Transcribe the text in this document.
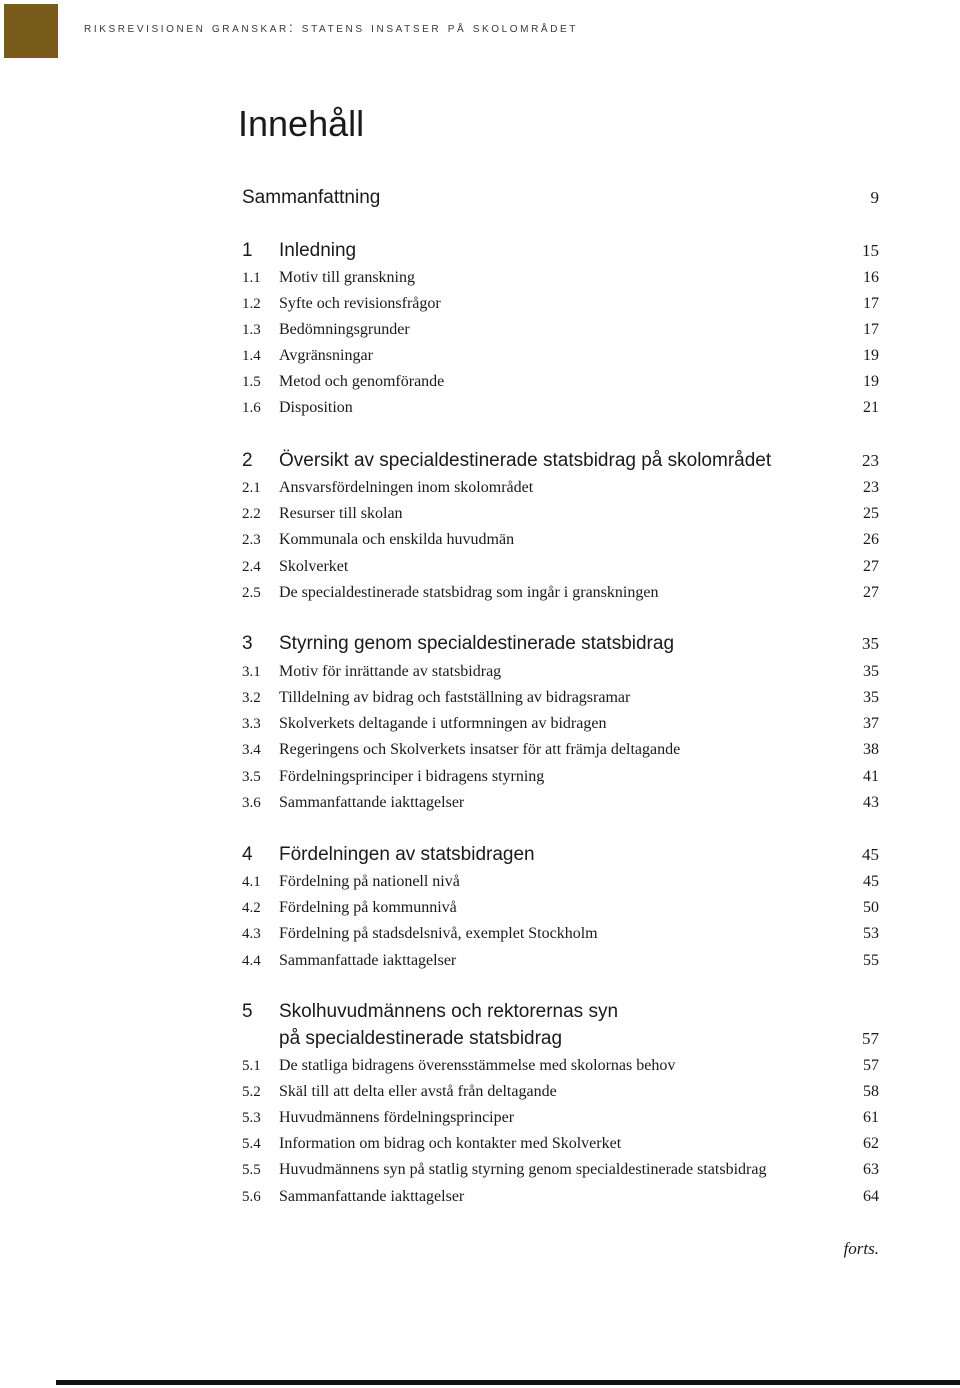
riksrevisionen granskar: statens insatser på skolområdet
Innehåll
Sammanfattning	9
1 Inledning	15
1.1 Motiv till granskning	16
1.2 Syfte och revisionsfrågor	17
1.3 Bedömningsgrunder	17
1.4 Avgränsningar	19
1.5 Metod och genomförande	19
1.6 Disposition	21
2 Översikt av specialdestinerade statsbidrag på skolområdet	23
2.1 Ansvarsfördelningen inom skolområdet	23
2.2 Resurser till skolan	25
2.3 Kommunala och enskilda huvudmän	26
2.4 Skolverket	27
2.5 De specialdestinerade statsbidrag som ingår i granskningen	27
3 Styrning genom specialdestinerade statsbidrag	35
3.1 Motiv för inrättande av statsbidrag	35
3.2 Tilldelning av bidrag och fastställning av bidragsramar	35
3.3 Skolverkets deltagande i utformningen av bidragen	37
3.4 Regeringens och Skolverkets insatser för att främja deltagande	38
3.5 Fördelningsprinciper i bidragens styrning	41
3.6 Sammanfattande iakttagelser	43
4 Fördelningen av statsbidragen	45
4.1 Fördelning på nationell nivå	45
4.2 Fördelning på kommunnivå	50
4.3 Fördelning på stadsdelsnivå, exemplet Stockholm	53
4.4 Sammanfattade iakttagelser	55
5 Skolhuvudmännens och rektorernas syn
på specialdestinerade statsbidrag	57
5.1 De statliga bidragens överensstämmelse med skolornas behov	57
5.2 Skäl till att delta eller avstå från deltagande	58
5.3 Huvudmännens fördelningsprinciper	61
5.4 Information om bidrag och kontakter med Skolverket	62
5.5 Huvudmännens syn på statlig styrning genom specialdestinerade statsbidrag	63
5.6 Sammanfattande iakttagelser	64
forts.
